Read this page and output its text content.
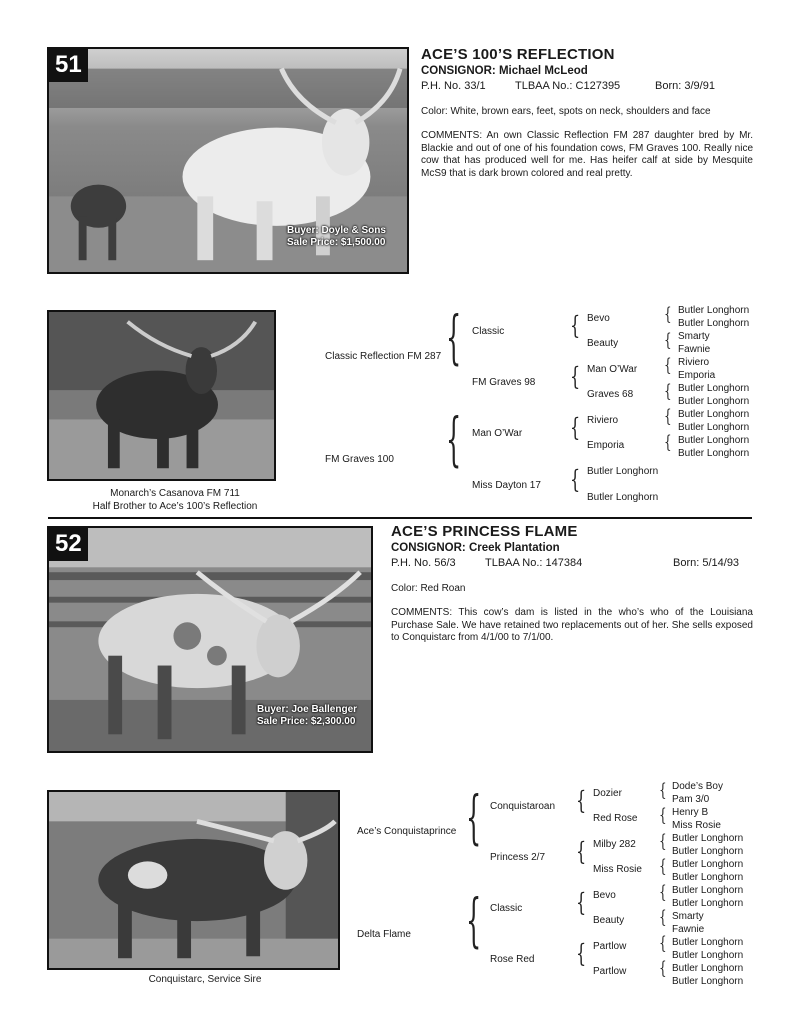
51
Buyer: Doyle & Sons
Sale Price: $1,500.00
ACE’S 100’S REFLECTION
CONSIGNOR: Michael McLeod
P.H. No. 33/1	TLBAA No.: C127395	Born: 3/9/91
Color: White, brown ears, feet, spots on neck, shoulders and face
COMMENTS: An own Classic Reflection FM 287 daughter bred by Mr. Blackie and out of one of his foundation cows, FM Graves 100. Really nice cow that has produced well for me. Has heifer calf at side by Mesquite McS9 that is dark brown colored and real pretty.
Monarch’s Casanova FM 711
Half Brother to Ace’s 100’s Reflection
Classic Reflection FM 287
FM Graves 100
{
{
Classic
FM Graves 98
Man O’War
Miss Dayton 17
{
{
{
{
Bevo
Beauty
Man O’War
Graves 68
Riviero
Emporia
Butler Longhorn
Butler Longhorn
{
{
{
{
{
{
Butler Longhorn
Butler Longhorn
Smarty
Fawnie
Riviero
Emporia
Butler Longhorn
Butler Longhorn
Butler Longhorn
Butler Longhorn
Butler Longhorn
Butler Longhorn
52
Buyer: Joe Ballenger
Sale Price: $2,300.00
ACE’S PRINCESS FLAME
CONSIGNOR: Creek Plantation
P.H. No. 56/3	TLBAA No.: 147384	Born: 5/14/93
Color: Red Roan
COMMENTS: This cow’s dam is listed in the who’s who of the Louisiana Purchase Sale. We have retained two replacements out of her. She sells exposed to Conquistarc from 4/1/00 to 7/1/00.
Conquistarc, Service Sire
Ace’s Conquistaprince
Delta Flame
{
{
Conquistaroan
Princess 2/7
Classic
Rose Red
{
{
{
{
Dozier
Red Rose
Milby 282
Miss Rosie
Bevo
Beauty
Partlow
Partlow
{
{
{
{
{
{
{
{
Dode’s Boy
Pam 3/0
Henry B
Miss Rosie
Butler Longhorn
Butler Longhorn
Butler Longhorn
Butler Longhorn
Butler Longhorn
Butler Longhorn
Smarty
Fawnie
Butler Longhorn
Butler Longhorn
Butler Longhorn
Butler Longhorn
